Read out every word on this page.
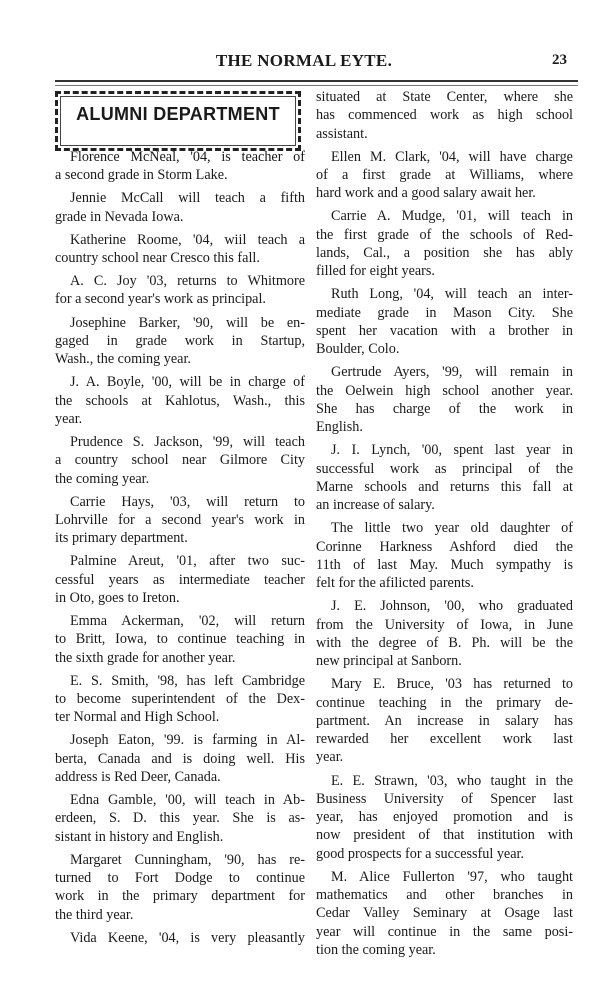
THE NORMAL EYTE.	23
ALUMNI DEPARTMENT
Florence McNeal, '04, is teacher of
a second grade in Storm Lake.
Jennie McCall will teach a fifth
grade in Nevada Iowa.
Katherine Roome, '04, wiil teach a
country school near Cresco this fall.
A. C. Joy '03, returns to Whitmore
for a second year's work as principal.
Josephine Barker, '90, will be en-
gaged in grade work in Startup,
Wash., the coming year.
J. A. Boyle, '00, will be in charge of
the schools at Kahlotus, Wash., this
year.
Prudence S. Jackson, '99, will teach
a country school near Gilmore City
the coming year.
Carrie Hays, '03, will return to
Lohrville for a second year's work in
its primary department.
Palmine Areut, '01, after two suc-
cessful years as intermediate teacher
in Oto, goes to Ireton.
Emma Ackerman, '02, will return
to Britt, Iowa, to continue teaching in
the sixth grade for another year.
E. S. Smith, '98, has left Cambridge
to become superintendent of the Dex-
ter Normal and High School.
Joseph Eaton, '99. is farming in Al-
berta, Canada and is doing well. His
address is Red Deer, Canada.
Edna Gamble, '00, will teach in Ab-
erdeen, S. D. this year. She is as-
sistant in history and English.
Margaret Cunningham, '90, has re-
turned to Fort Dodge to continue
work in the primary department for
the third year.
Vida Keene, '04, is very pleasantly
situated at State Center, where she
has commenced work as high school
assistant.
Ellen M. Clark, '04, will have charge
of a first grade at Williams, where
hard work and a good salary await her.
Carrie A. Mudge, '01, will teach in
the first grade of the schools of Red-
lands, Cal., a position she has ably
filled for eight years.
Ruth Long, '04, will teach an inter-
mediate grade in Mason City. She
spent her vacation with a brother in
Boulder, Colo.
Gertrude Ayers, '99, will remain in
the Oelwein high school another year.
She has charge of the work in
English.
J. I. Lynch, '00, spent last year in
successful work as principal of the
Marne schools and returns this fall at
an increase of salary.
The little two year old daughter of
Corinne Harkness Ashford died the
11th of last May. Much sympathy is
felt for the afilicted parents.
J. E. Johnson, '00, who graduated
from the University of Iowa, in June
with the degree of B. Ph. will be the
new principal at Sanborn.
Mary E. Bruce, '03 has returned to
continue teaching in the primary de-
partment. An increase in salary has
rewarded her excellent work last
year.
E. E. Strawn, '03, who taught in the
Business University of Spencer last
year, has enjoyed promotion and is
now president of that institution with
good prospects for a successful year.
M. Alice Fullerton '97, who taught
mathematics and other branches in
Cedar Valley Seminary at Osage last
year will continue in the same posi-
tion the coming year.
